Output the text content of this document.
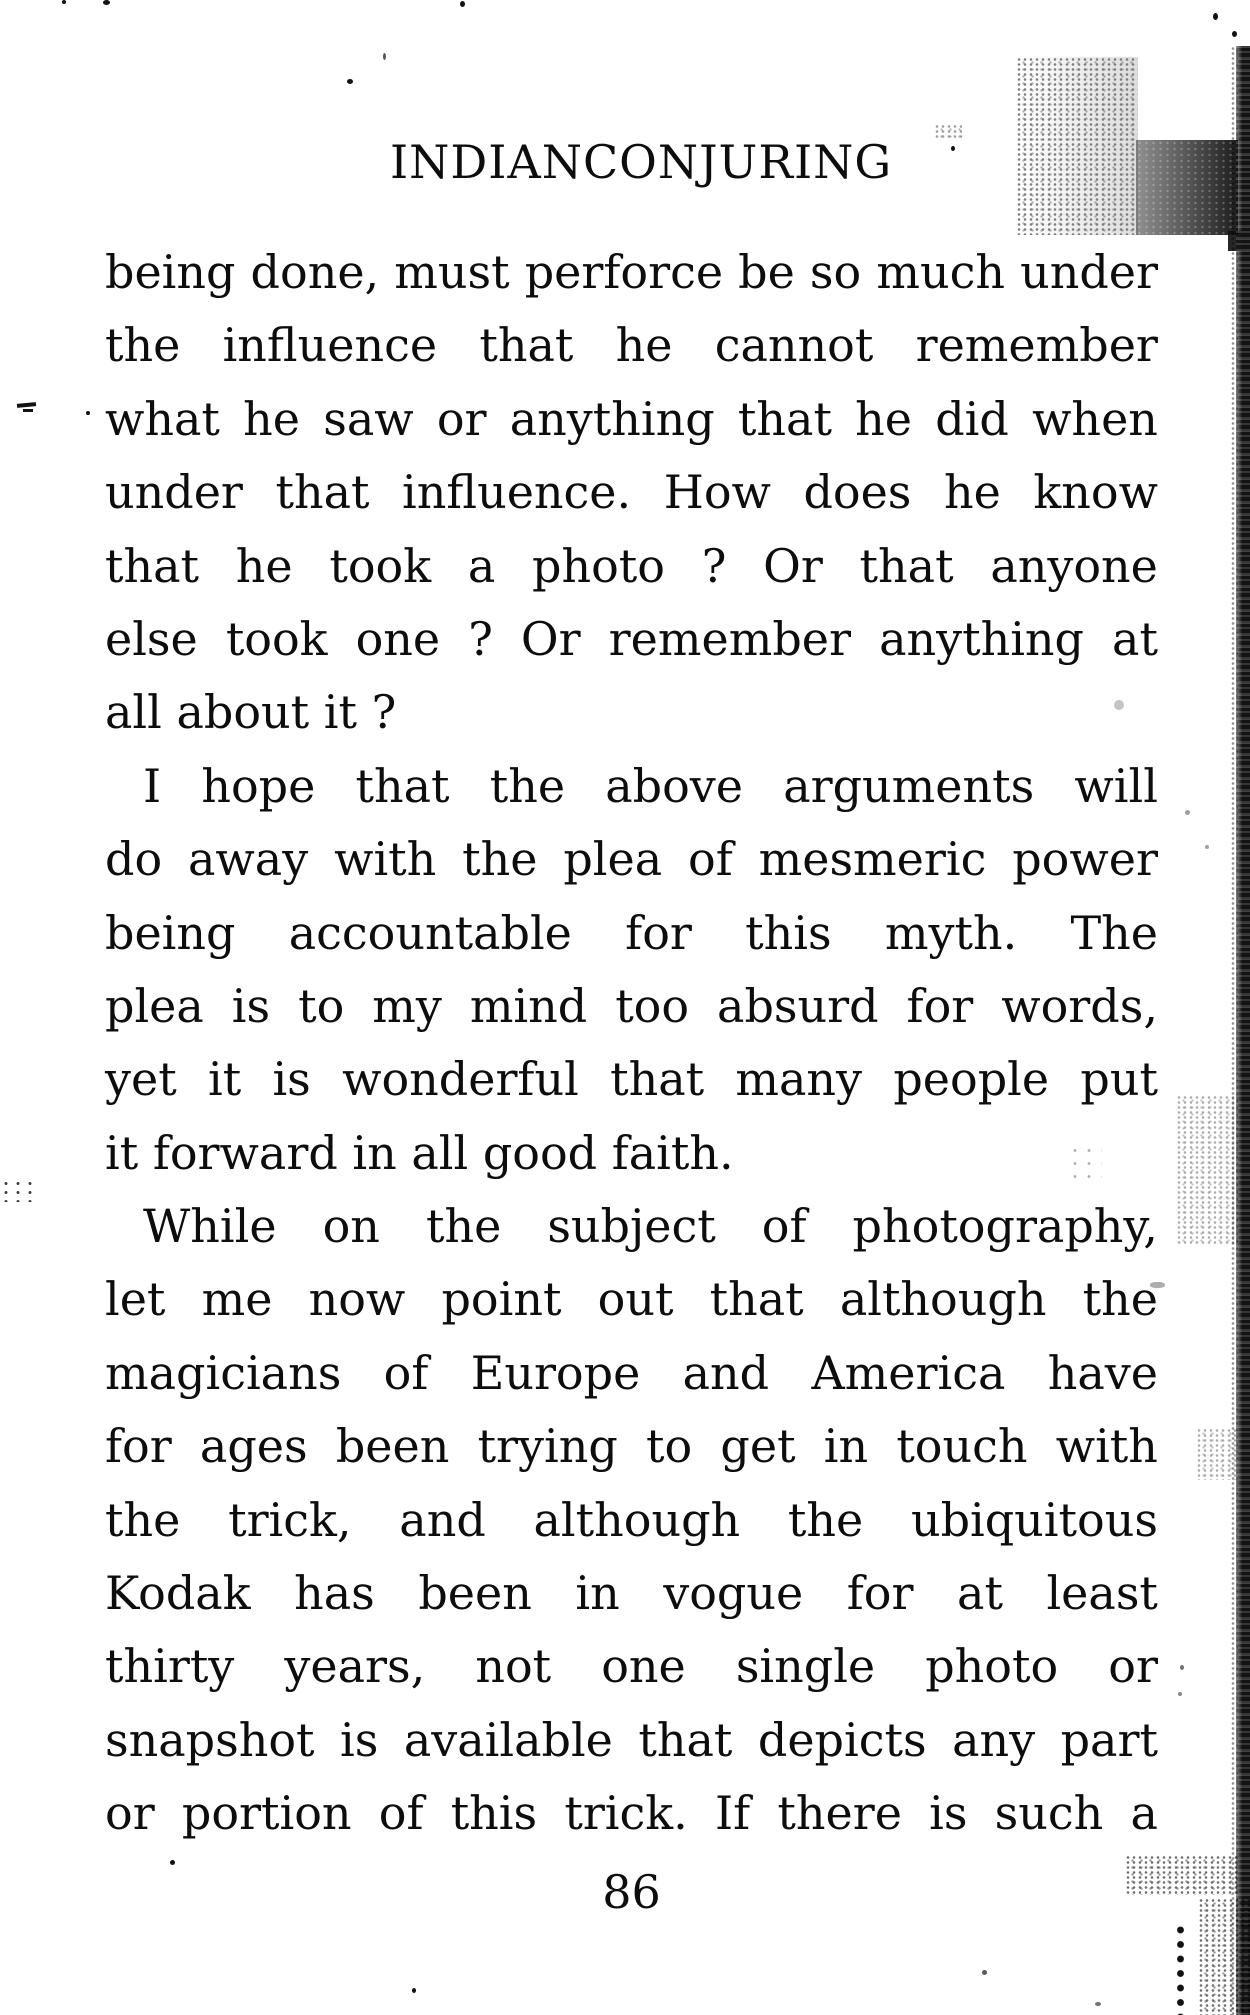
INDIAN CONJURING
being done, must perforce be so much under
the influence that he cannot remember
what he saw or anything that he did when
under that influence. How does he know
that he took a photo ? Or that anyone
else took one ? Or remember anything at
all about it ?
I hope that the above arguments will
do away with the plea of mesmeric power
being accountable for this myth. The
plea is to my mind too absurd for words,
yet it is wonderful that many people put
it forward in all good faith.
While on the subject of photography,
let me now point out that although the
magicians of Europe and America have
for ages been trying to get in touch with
the trick, and although the ubiquitous
Kodak has been in vogue for at least
thirty years, not one single photo or
snapshot is available that depicts any part
or portion of this trick. If there is such a
86
